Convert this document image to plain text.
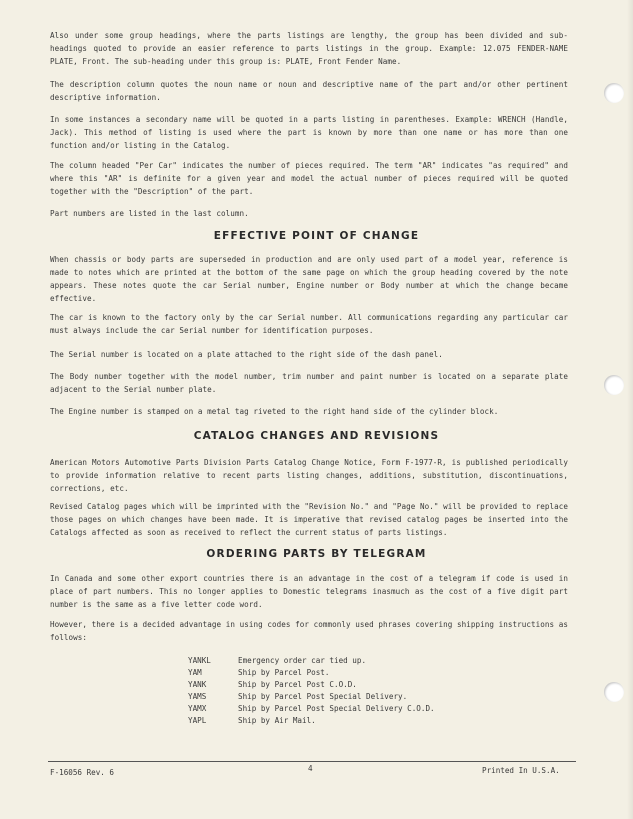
Also under some group headings, where the parts listings are lengthy, the group has been divided and sub-headings quoted to provide an easier reference to parts listings in the group. Example: 12.075 FENDER-NAME PLATE, Front. The sub-heading under this group is: PLATE, Front Fender Name.

The description column quotes the noun name or noun and descriptive name of the part and/or other pertinent descriptive information.

In some instances a secondary name will be quoted in a parts listing in parentheses. Example: WRENCH (Handle, Jack). This method of listing is used where the part is known by more than one name or has more than one function and/or listing in the Catalog.

The column headed "Per Car" indicates the number of pieces required. The term "AR" indicates "as required" and where this "AR" is definite for a given year and model the actual number of pieces required will be quoted together with the "Description" of the part.

Part numbers are listed in the last column.

EFFECTIVE POINT OF CHANGE

When chassis or body parts are superseded in production and are only used part of a model year, reference is made to notes which are printed at the bottom of the same page on which the group heading covered by the note appears. These notes quote the car Serial number, Engine number or Body number at which the change became effective.

The car is known to the factory only by the car Serial number. All communications regarding any particular car must always include the car Serial number for identification purposes.

The Serial number is located on a plate attached to the right side of the dash panel.

The Body number together with the model number, trim number and paint number is located on a separate plate adjacent to the Serial number plate.

The Engine number is stamped on a metal tag riveted to the right hand side of the cylinder block.

CATALOG CHANGES AND REVISIONS

American Motors Automotive Parts Division Parts Catalog Change Notice, Form F-1977-R, is published periodically to provide information relative to recent parts listing changes, additions, substitution, discontinuations, corrections, etc.

Revised Catalog pages which will be imprinted with the "Revision No." and "Page No." will be provided to replace those pages on which changes have been made. It is imperative that revised catalog pages be inserted into the Catalogs affected as soon as received to reflect the current status of parts listings.

ORDERING PARTS BY TELEGRAM

In Canada and some other export countries there is an advantage in the cost of a telegram if code is used in place of part numbers. This no longer applies to Domestic telegrams inasmuch as the cost of a five digit part number is the same as a five letter code word.

However, there is a decided advantage in using codes for commonly used phrases covering shipping instructions as follows:

YANKL	Emergency order car tied up.
YAM	Ship by Parcel Post.
YANK	Ship by Parcel Post C.O.D.
YAMS	Ship by Parcel Post Special Delivery.
YAMX	Ship by Parcel Post Special Delivery C.O.D.
YAPL	Ship by Air Mail.
F-16056 Rev. 6	4	Printed In U.S.A.
